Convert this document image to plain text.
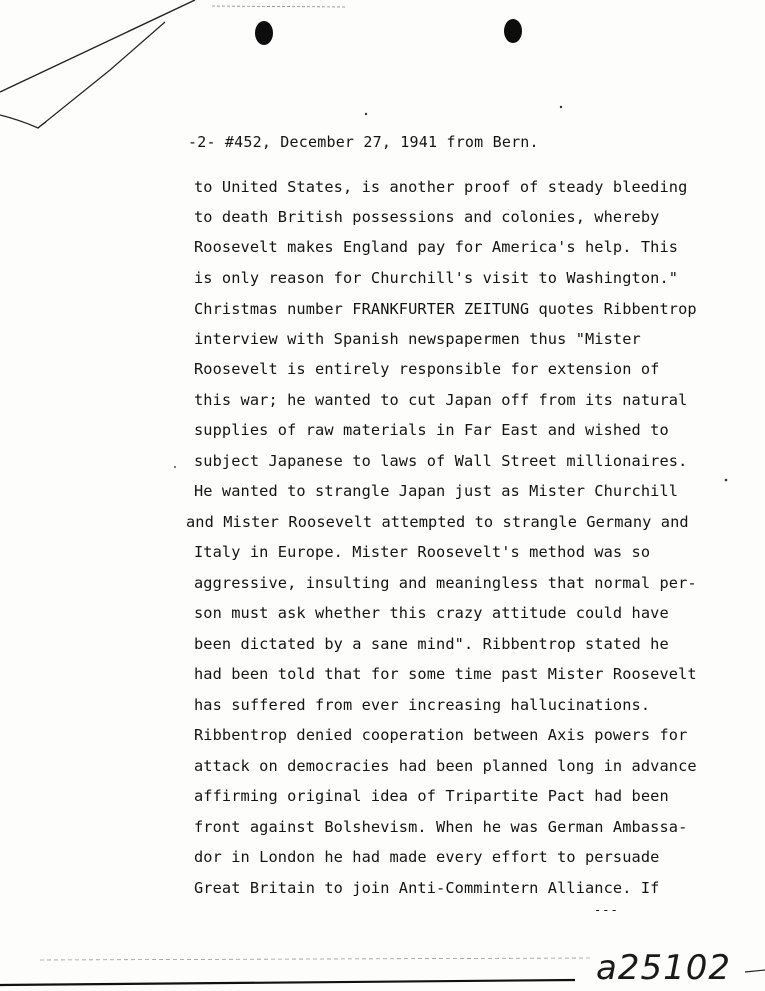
-2- #452, December 27, 1941 from Bern.
to United States, is another proof of steady bleeding
to death British possessions and colonies, whereby
Roosevelt makes England pay for America's help. This
is only reason for Churchill's visit to Washington."
Christmas number FRANKFURTER ZEITUNG quotes Ribbentrop
interview with Spanish newspapermen thus "Mister
Roosevelt is entirely responsible for extension of
this war; he wanted to cut Japan off from its natural
supplies of raw materials in Far East and wished to
subject Japanese to laws of Wall Street millionaires.
He wanted to strangle Japan just as Mister Churchill
and Mister Roosevelt attempted to strangle Germany and
Italy in Europe. Mister Roosevelt's method was so
aggressive, insulting and meaningless that normal per-
son must ask whether this crazy attitude could have
been dictated by a sane mind". Ribbentrop stated he
had been told that for some time past Mister Roosevelt
has suffered from ever increasing hallucinations.
Ribbentrop denied cooperation between Axis powers for
attack on democracies had been planned long in advance
affirming original idea of Tripartite Pact had been
front against Bolshevism. When he was German Ambassa-
dor in London he had made every effort to persuade
Great Britain to join Anti-Commintern Alliance. If
---
a25102
